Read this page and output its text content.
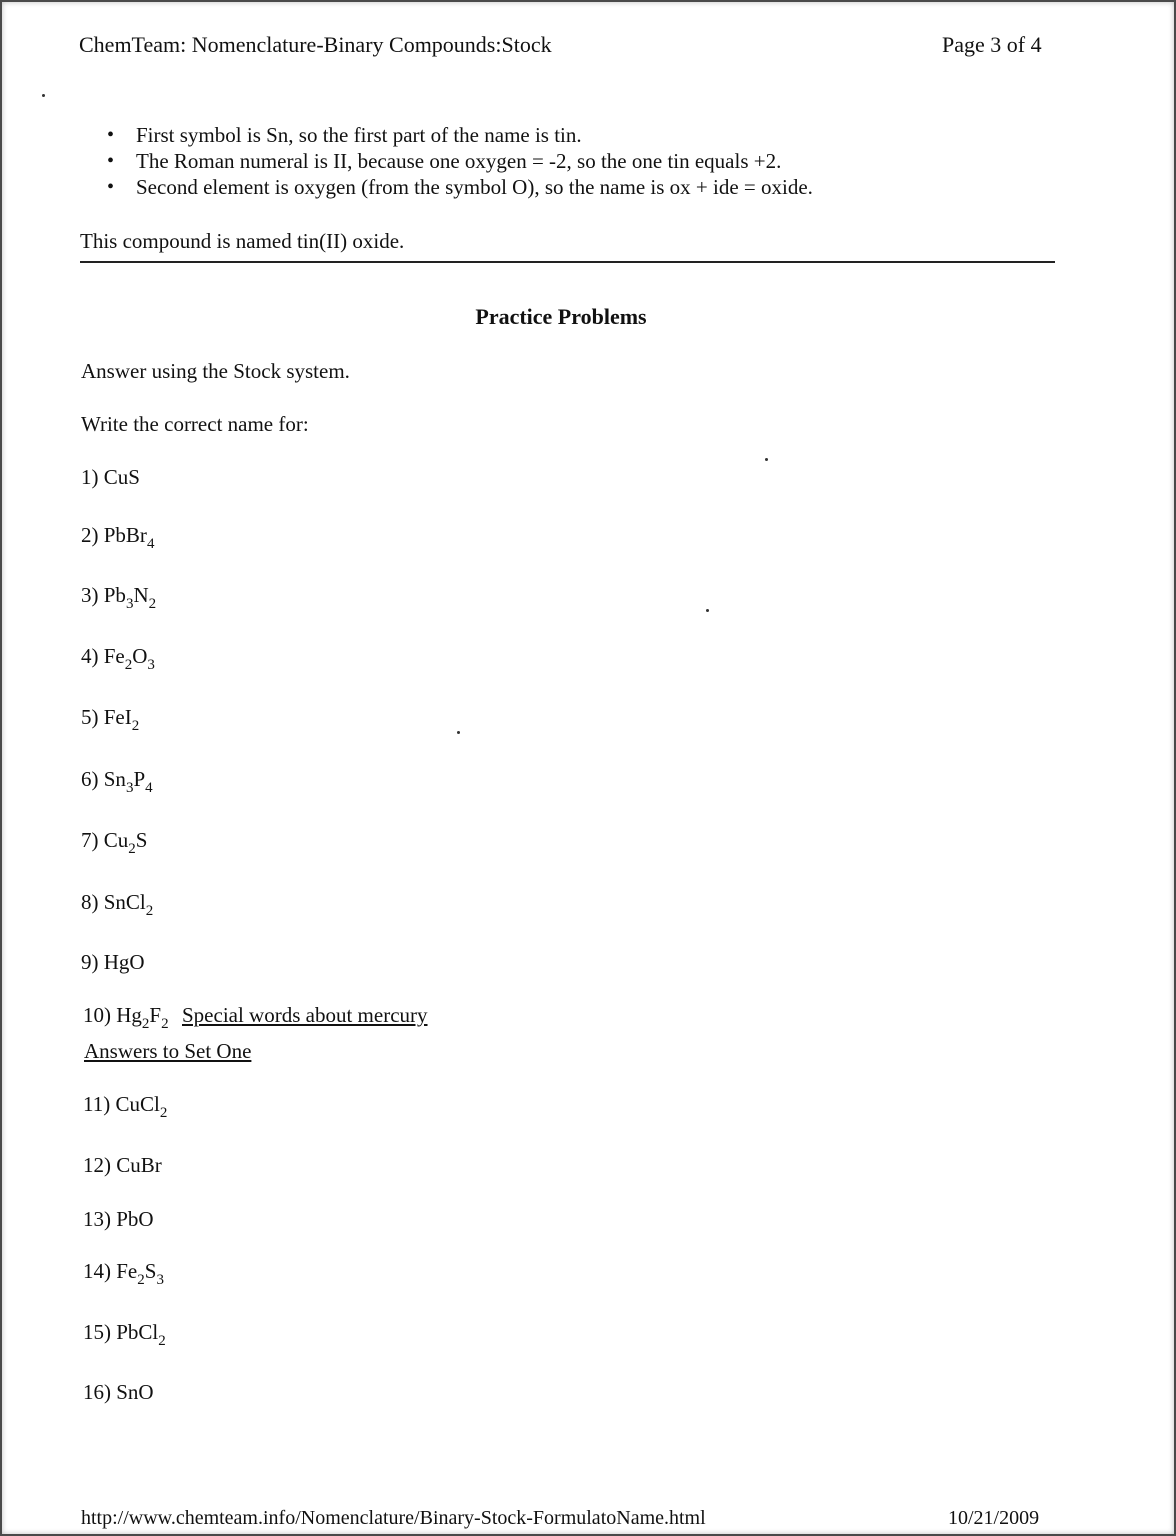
ChemTeam: Nomenclature-Binary Compounds:Stock	Page 3 of 4
• First symbol is Sn, so the first part of the name is tin.
• The Roman numeral is II, because one oxygen = -2, so the one tin equals +2.
• Second element is oxygen (from the symbol O), so the name is ox + ide = oxide.
This compound is named tin(II) oxide.
Practice Problems
Answer using the Stock system.
Write the correct name for:
1) CuS
2) PbBr$_4$
3) $Pb_3N_2$
4) $Fe_2O_3$
5) FeI$_2$
6) $Sn_3P_4$
7) $Cu_2S$
8) SnCl$_2$
9) HgO
10) $Hg_2F_2$
11) CuCl$_2$
12) CuBr
13) PbO
14) $Fe_2S_3$
15) PbCl$_2$
16) SnO
Special words about mercury
Answers to Set One
http://www.chemteam.info/Nomenclature/Binary-Stock-FormulatoName.html	10/21/2009
